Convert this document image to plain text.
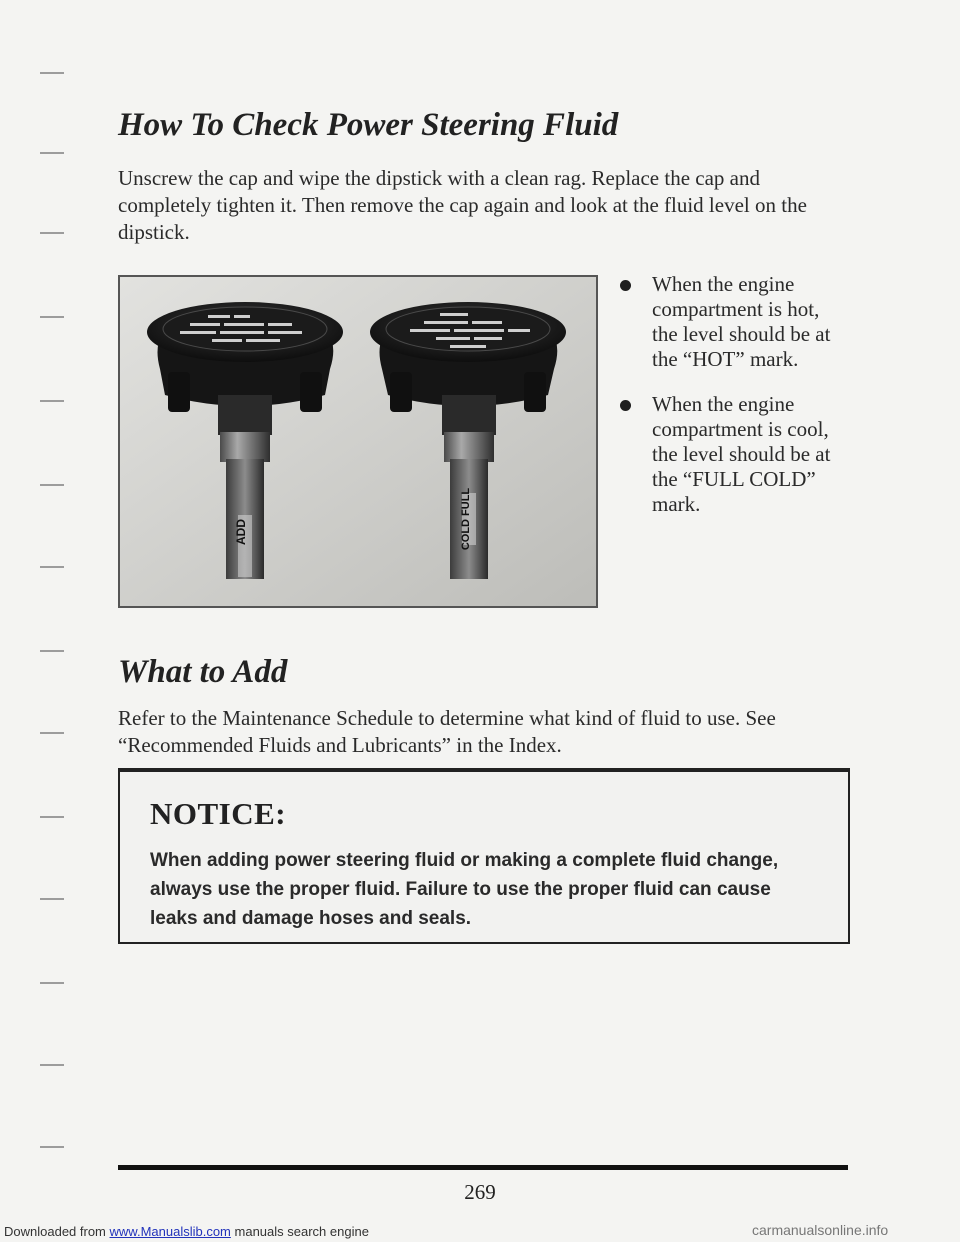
How To Check Power Steering Fluid

Unscrew the cap and wipe the dipstick with a clean rag. Replace the cap and completely tighten it. Then remove the cap again and look at the fluid level on the dipstick.

ADD	COLD FULL
When the engine compartment is hot, the level should be at the “HOT” mark.
When the engine compartment is cool, the level should be at the “FULL COLD” mark.
What to Add

Refer to the Maintenance Schedule to determine what kind of fluid to use. See “Recommended Fluids and Lubricants” in the Index.

NOTICE:

When adding power steering fluid or making a complete fluid change, always use the proper fluid. Failure to use the proper fluid can cause leaks and damage hoses and seals.

269
Downloaded from www.Manualslib.com manuals search engine	carmanualsonline.info
